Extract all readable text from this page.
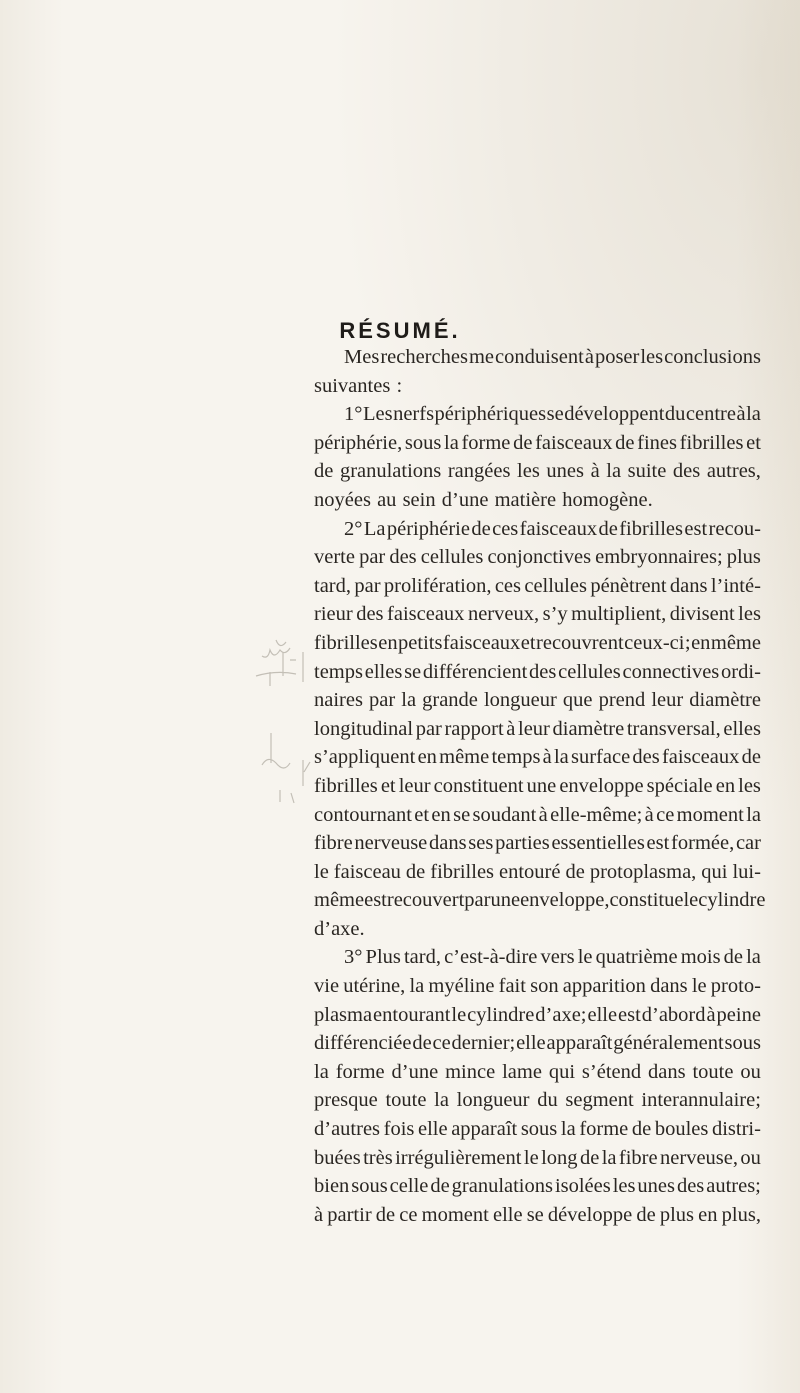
RÉSUMÉ.
Mes recherches me conduisent à poser les conclusions
suivantes :
1° Les nerfs périphériques se développent du centre à la
périphérie, sous la forme de faisceaux de fines fibrilles et
de granulations rangées les unes à la suite des autres,
noyées au sein d’une matière homogène.
2° La périphérie de ces faisceaux de fibrilles est recou-
verte par des cellules conjonctives embryonnaires; plus
tard, par prolifération, ces cellules pénètrent dans l’inté-
rieur des faisceaux nerveux, s’y multiplient, divisent les
fibrilles en petits faisceaux et recouvrent ceux-ci ; en même
temps elles se différencient des cellules connectives ordi-
naires par la grande longueur que prend leur diamètre
longitudinal par rapport à leur diamètre transversal, elles
s’appliquent en même temps à la surface des faisceaux de
fibrilles et leur constituent une enveloppe spéciale en les
contournant et en se soudant à elle-même; à ce moment la
fibre nerveuse dans ses parties essentielles est formée, car
le faisceau de fibrilles entouré de protoplasma, qui lui-
même est recouvert par une enveloppe, constitue le cylindre
d’axe.
3° Plus tard, c’est-à-dire vers le quatrième mois de la
vie utérine, la myéline fait son apparition dans le proto-
plasma entourant le cylindre d’axe; elle est d’abord à peine
différenciée de ce dernier; elle apparaît généralement sous
la forme d’une mince lame qui s’étend dans toute ou
presque toute la longueur du segment interannulaire;
d’autres fois elle apparaît sous la forme de boules distri-
buées très irrégulièrement le long de la fibre nerveuse, ou
bien sous celle de granulations isolées les unes des autres;
à partir de ce moment elle se développe de plus en plus,
